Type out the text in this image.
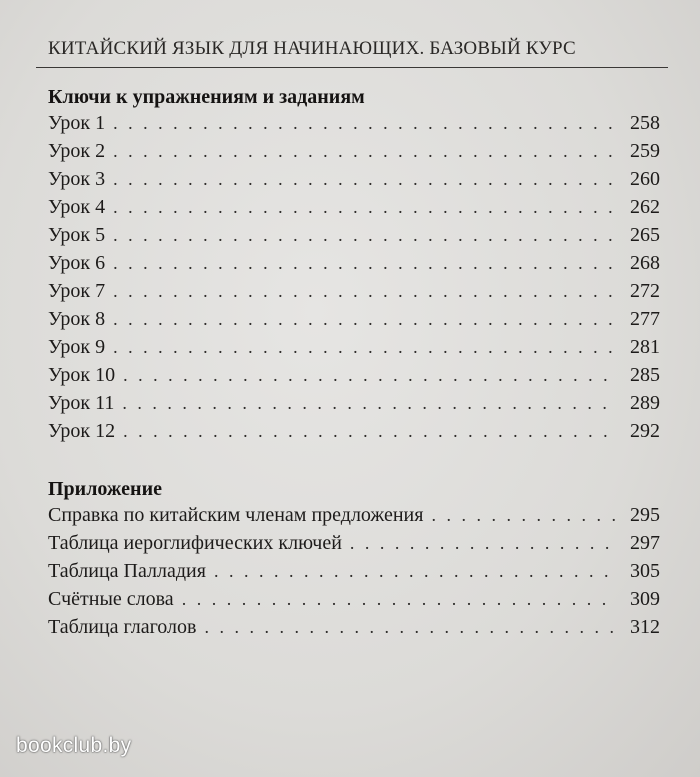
КИТАЙСКИЙ ЯЗЫК ДЛЯ НАЧИНАЮЩИХ. БАЗОВЫЙ КУРС
Ключи к упражнениям и заданиям
Урок 1 . . .	258
Урок 2 . . .	259
Урок 3 . . .	260
Урок 4 . . .	262
Урок 5 . . .	265
Урок 6 . . .	268
Урок 7 . . .	272
Урок 8 . . .	277
Урок 9 . . .	281
Урок 10 . . .	285
Урок 11 . . .	289
Урок 12 . . .	292
Приложение
Справка по китайским членам предложения . . .	295
Таблица иероглифических ключей . . .	297
Таблица Палладия . . .	305
Счётные слова . . .	309
Таблица глаголов . . .	312
bookclub.by
